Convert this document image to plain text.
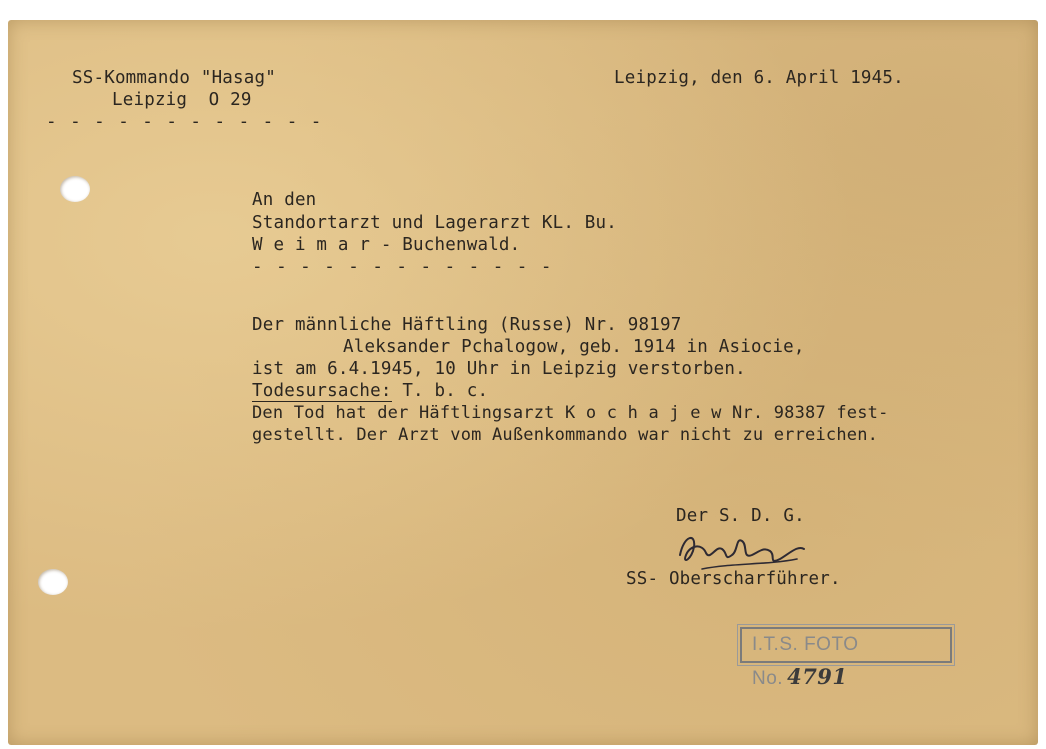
SS-Kommando "Hasag"
Leipzig  O 29
- - - - - - - - - - - -
Leipzig, den 6. April 1945.
An den
Standortarzt und Lagerarzt KL. Bu.
W e i m a r - Buchenwald.
- - - - - - - - - - - - -
Der männliche Häftling (Russe) Nr. 98197
Aleksander Pchalogow, geb. 1914 in Asiocie,
ist am 6.4.1945, 10 Uhr in Leipzig verstorben.
Todesursache: T. b. c.
Den Tod hat der Häftlingsarzt K o c h a j e w Nr. 98387 fest-
gestellt. Der Arzt vom Außenkommando war nicht zu erreichen.
Der S. D. G.
SS- Oberscharführer.
I.T.S. FOTO No. 4791
